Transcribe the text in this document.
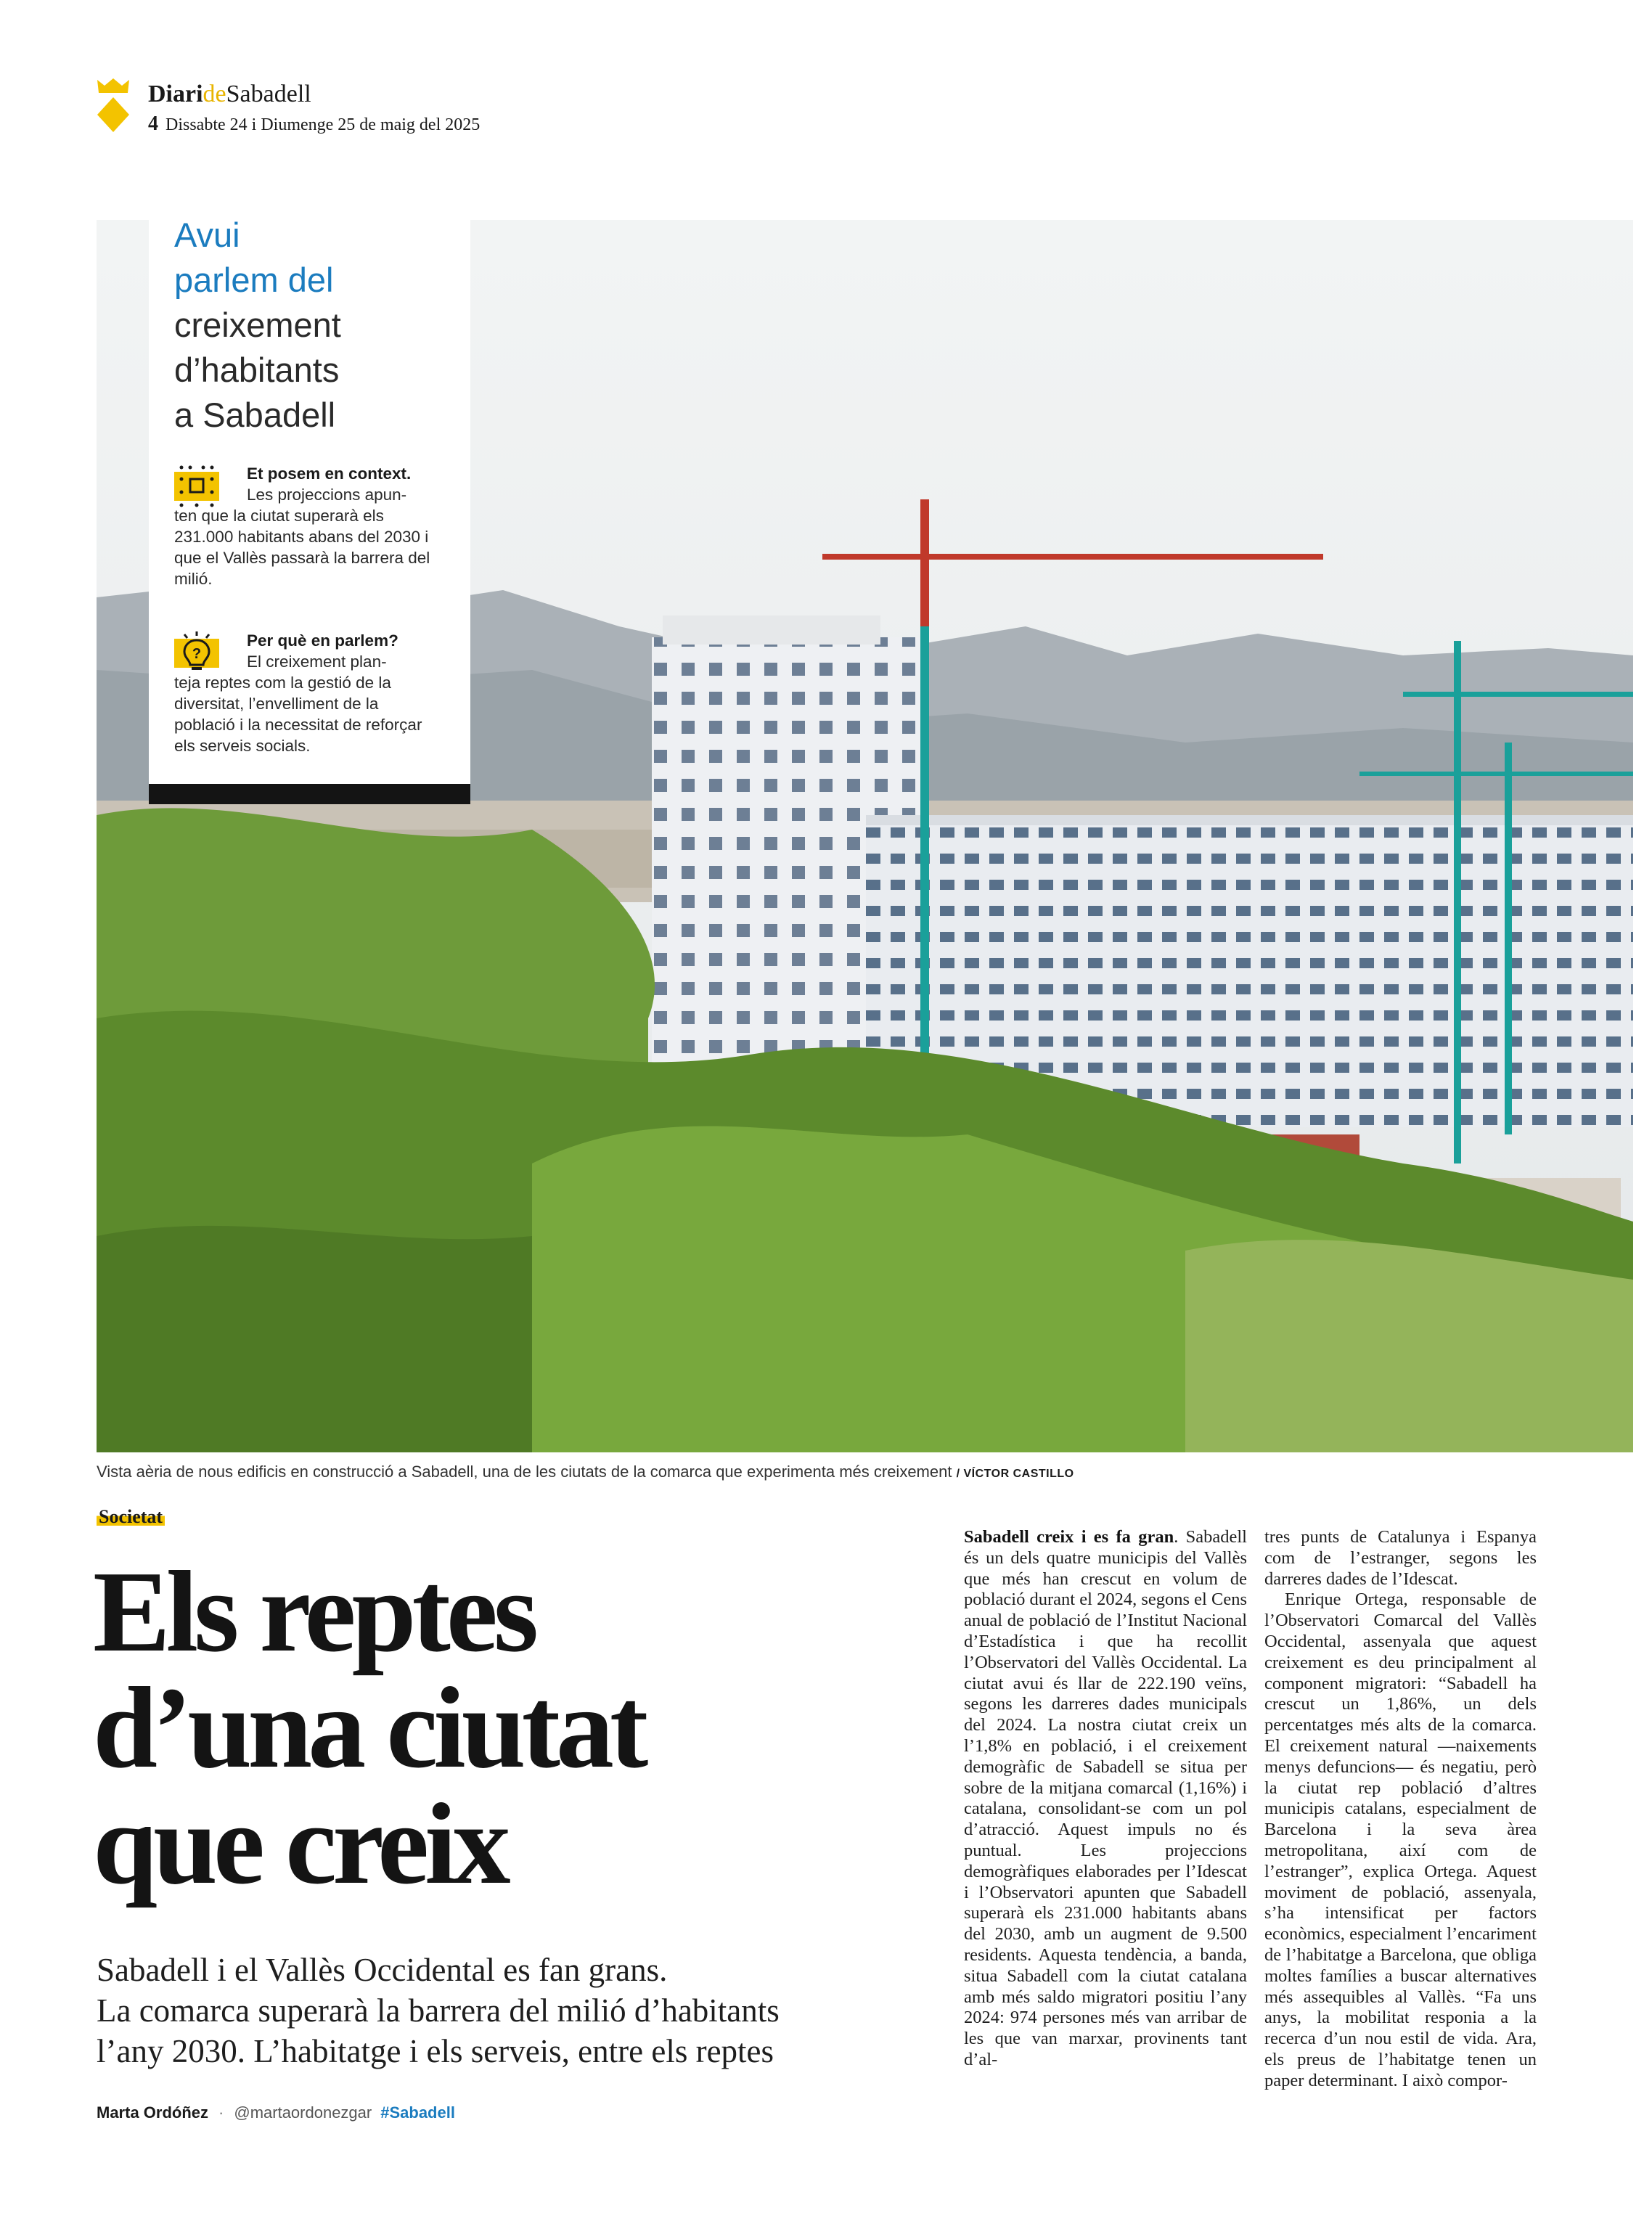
DiarideSabadell
4 Dissabte 24 i Diumenge 25 de maig del 2025
Vista aèria de nous edificis en construcció a Sabadell, una de les ciutats de la comarca que experimenta més creixement / VÍCTOR CASTILLO
Avui
parlem del
creixement
d’habitants
a Sabadell
Et posem en context.
Les projeccions apun-
ten que la ciutat superarà els 231.000 habitants abans del 2030 i que el Vallès passarà la barrera del milió.
?
Per què en parlem?
El creixement plan-
teja reptes com la gestió de la diversitat, l’envelliment de la població i la necessitat de reforçar els serveis socials.
Societat
Els reptes
d’una ciutat
que creix
Sabadell i el Vallès Occidental es fan grans.
La comarca superarà la barrera del milió d’habitants
l’any 2030. L’habitatge i els serveis, entre els reptes
Marta Ordóñez · @martaordonezgar #Sabadell

Sabadell creix i es fa gran. Sabadell és un dels quatre municipis del Vallès que més han crescut en volum de població durant el 2024, segons el Cens anual de població de l’Institut Nacional d’Estadística i que ha recollit l’Observatori del Vallès Occidental. La ciutat avui és llar de 222.190 veïns, segons les darreres dades municipals del 2024. La nostra ciutat creix un l’1,8% en població, i el creixement demogràfic de Sabadell se situa per sobre de la mitjana comarcal (1,16%) i catalana, consolidant-se com un pol d’atracció. Aquest impuls no és puntual. Les projeccions demogràfiques elaborades per l’Idescat i l’Observatori apunten que Sabadell superarà els 231.000 habitants abans del 2030, amb un augment de 9.500 residents. Aquesta tendència, a banda, situa Sabadell com la ciutat catalana amb més saldo migratori positiu l’any 2024: 974 persones més van arribar de les que van marxar, provinents tant d’al-

tres punts de Catalunya i Espanya com de l’estranger, segons les darreres dades de l’Idescat.

Enrique Ortega, responsable de l’Observatori Comarcal del Vallès Occidental, assenyala que aquest creixement es deu principalment al component migratori: “Sabadell ha crescut un 1,86%, un dels percentatges més alts de la comarca. El creixement natural —naixements menys defuncions— és negatiu, però la ciutat rep població d’altres municipis catalans, especialment de Barcelona i la seva àrea metropolitana, així com de l’estranger”, explica Ortega. Aquest moviment de població, assenyala, s’ha intensificat per factors econòmics, especialment l’encariment de l’habitatge a Barcelona, que obliga moltes famílies a buscar alternatives més assequibles al Vallès. “Fa uns anys, la mobilitat responia a la recerca d’un nou estil de vida. Ara, els preus de l’habitatge tenen un paper determinant. I això compor-
